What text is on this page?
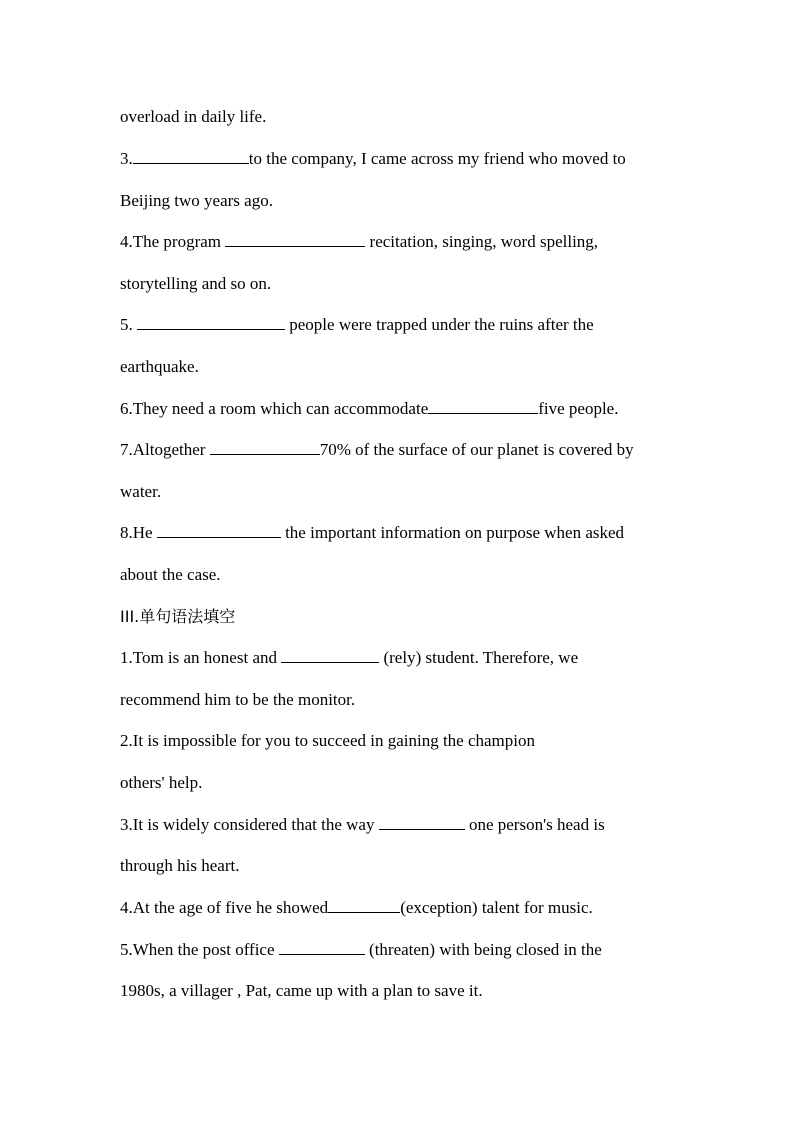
overload in daily life.
3.	to the company, I came across my friend who moved to
Beijing two years ago.
4.The program	recitation, singing, word spelling,
storytelling and so on.
5.	people were trapped under the ruins after the
earthquake.
6.They need a room which can accommodate	five people.
7.Altogether	70% of the surface of our planet is covered by
water.
8.He	the important information on purpose when asked
about the case.
III.单句语法填空
1.Tom is an honest and	(rely) student. Therefore, we
recommend him to be the monitor.
2.It is impossible for you to succeed in gaining the champion
others' help.
3.It is widely considered that the way	one person's head is
through his heart.
4.At the age of five he showed	(exception) talent for music.
5.When the post office	(threaten) with being closed in the
1980s, a villager , Pat, came up with a plan to save it.
